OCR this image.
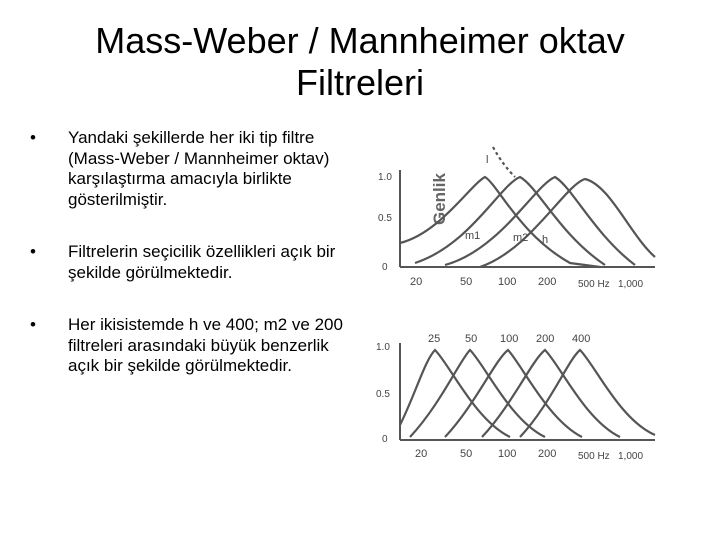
Mass-Weber / Mannheimer oktav Filtreleri
• Yandaki şekillerde her iki tip filtre (Mass-Weber / Mannheimer oktav) karşılaştırma amacıyla birlikte gösterilmiştir.
• Filtrelerin seçicilik özellikleri açık bir şekilde görülmektedir.
• Her ikisistemde h ve 400; m2 ve 200 filtreleri arasındaki büyük benzerlik açık bir şekilde görülmektedir.
Genlik
1.0
0.5
0
m1	m2 h
l
20	50 100 200 500 Hz 1,000
1.0
0.5
0
25 50 100 200 400
20	50 100 200 500 Hz 1,000
